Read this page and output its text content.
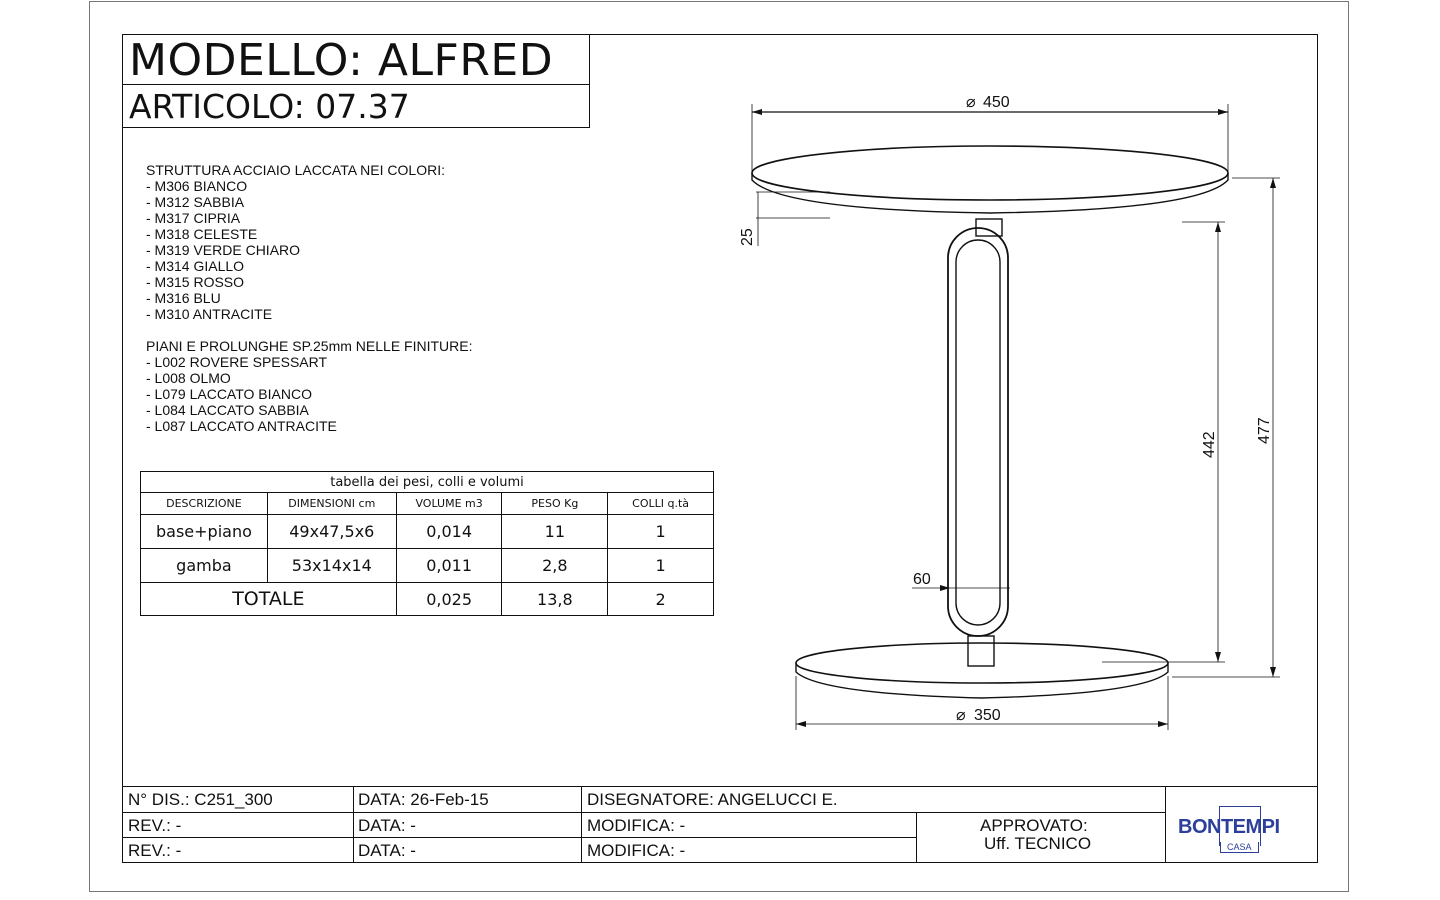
MODELLO: ALFRED
ARTICOLO: 07.37
STRUTTURA ACCIAIO LACCATA NEI COLORI:
- M306 BIANCO
- M312 SABBIA
- M317 CIPRIA
- M318 CELESTE
- M319 VERDE CHIARO
- M314 GIALLO
- M315 ROSSO
- M316 BLU
- M310 ANTRACITE
PIANI E PROLUNGHE SP.25mm NELLE FINITURE:
- L002 ROVERE SPESSART
- L008 OLMO
- L079 LACCATO BIANCO
- L084 LACCATO SABBIA
- L087 LACCATO ANTRACITE
tabella dei pesi, colli e volumi				
DESCRIZIONE	DIMENSIONI cm	VOLUME m3	PESO Kg	COLLI q.tà
base+piano	49x47,5x6	0,014	11	1
gamba	53x14x14	0,011	2,8	1
TOTALE		0,025	13,8	2
⌀ 450
25
60
⌀ 350
442
477
N° DIS.: C251_300	DATA: 26-Feb-15	DISEGNATORE: ANGELUCCI E.
REV.: -	DATA: -	MODIFICA: -
REV.: -	DATA: -	MODIFICA: -
APPROVATO:
Uff. TECNICO
BONTEMPI
CASA
